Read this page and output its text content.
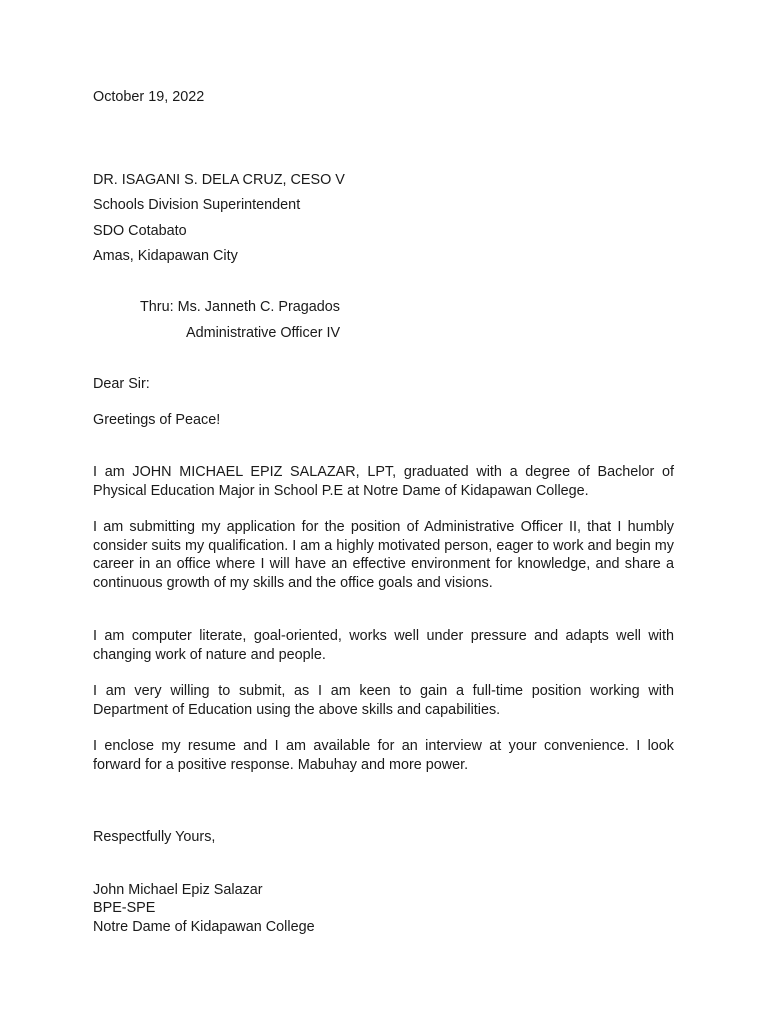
October 19, 2022
DR. ISAGANI S. DELA CRUZ, CESO V
Schools Division Superintendent
SDO Cotabato
Amas, Kidapawan City
Thru: Ms. Janneth C. Pragados
Administrative Officer IV
Dear Sir:
Greetings of Peace!
I am JOHN MICHAEL EPIZ SALAZAR, LPT, graduated with a degree of Bachelor of Physical Education Major in School P.E at Notre Dame of Kidapawan College.
I am submitting my application for the position of Administrative Officer II, that I humbly consider suits my qualification. I am a highly motivated person, eager to work and begin my career in an office where I will have an effective environment for knowledge, and share a continuous growth of my skills and the office goals and visions.
I am computer literate, goal-oriented, works well under pressure and adapts well with changing work of nature and people.
I am very willing to submit, as I am keen to gain a full-time position working with Department of Education using the above skills and capabilities.
I enclose my resume and I am available for an interview at your convenience. I look forward for a positive response. Mabuhay and more power.
Respectfully Yours,
John Michael Epiz Salazar
BPE-SPE
Notre Dame of Kidapawan College
